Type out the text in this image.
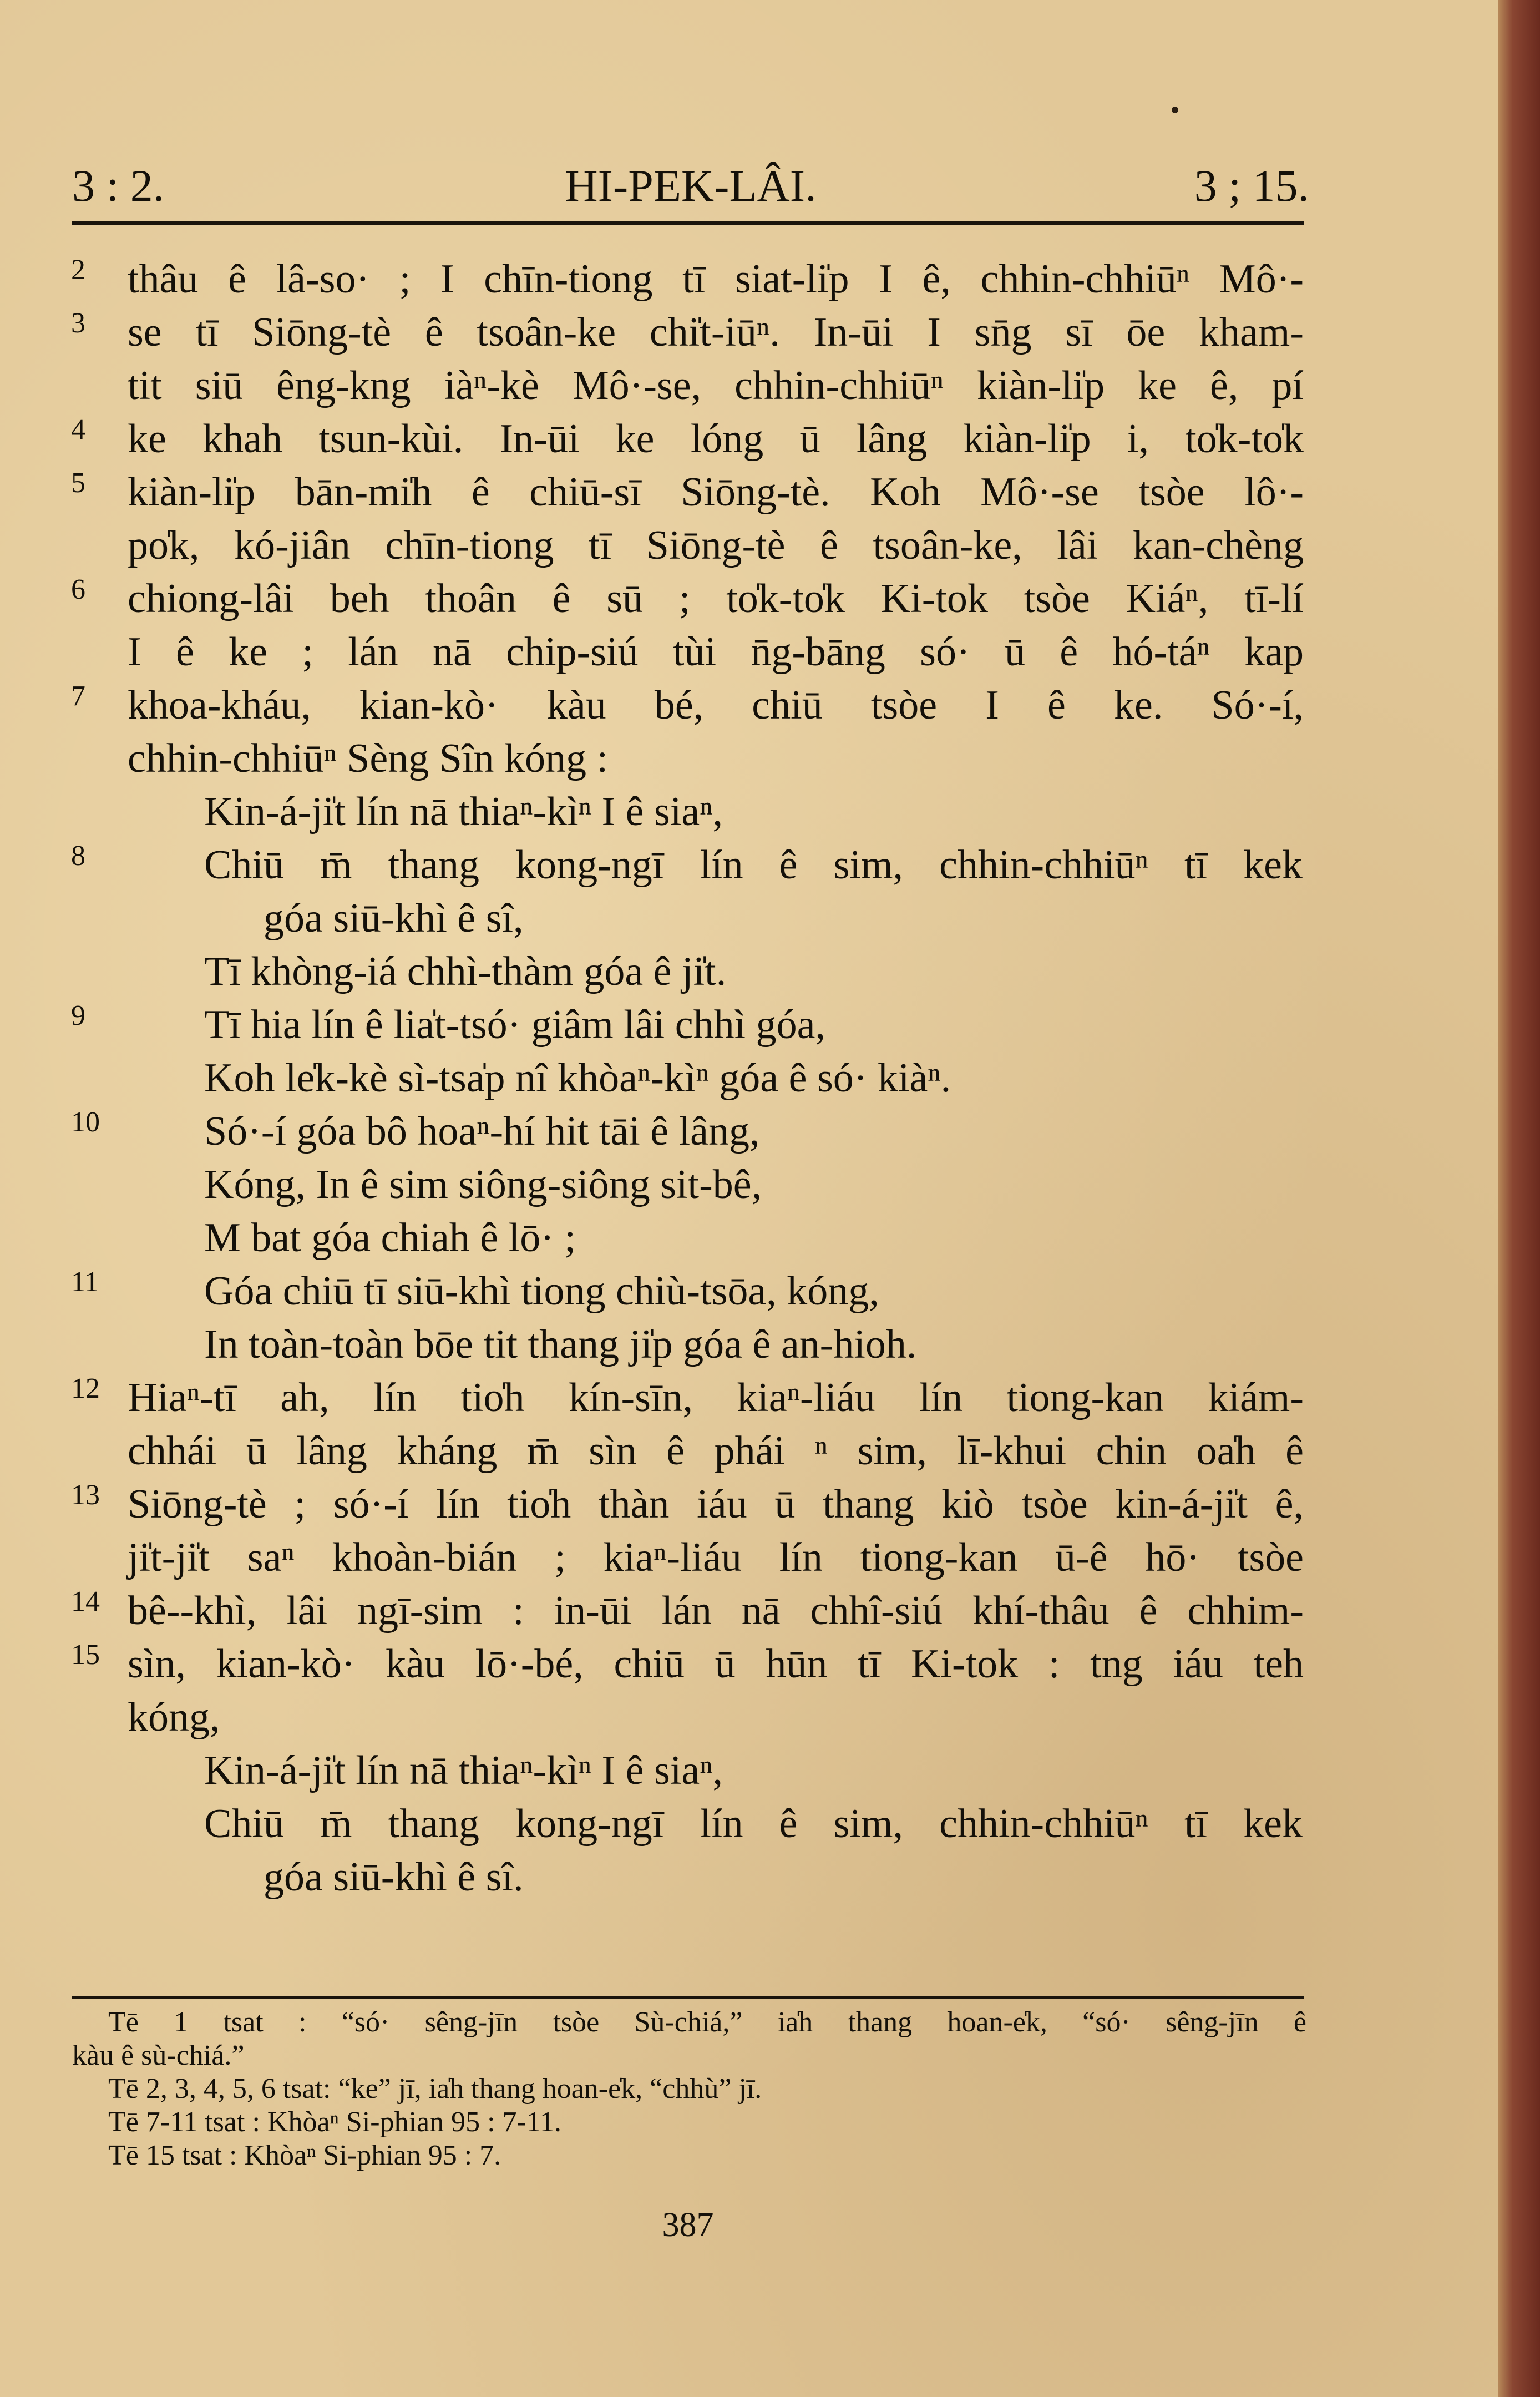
3 : 2.	HI-PEK-LÂI.	3 ; 15.
2 thâu ê lâ-so· ; I chīn-tiong tī siat-li̍p I ê, chhin-chhiūⁿ Mô·-
3 se tī Siōng-tè ê tsoân-ke chi̍t-iūⁿ. In-ūi I sn̄g sī ōe kham-
tit siū êng-kng iàⁿ-kè Mô·-se, chhin-chhiūⁿ kiàn-li̍p ke ê, pí
4 ke khah tsun-kùi. In-ūi ke lóng ū lâng kiàn-li̍p i, to̍k-to̍k
5 kiàn-li̍p bān-mi̍h ê chiū-sī Siōng-tè. Koh Mô·-se tsòe lô·-
po̍k, kó-jiân chīn-tiong tī Siōng-tè ê tsoân-ke, lâi kan-chèng
6 chiong-lâi beh thoân ê sū ; to̍k-to̍k Ki-tok tsòe Kiáⁿ, tī-lí
I ê ke ; lán nā chip-siú tùi n̄g-bāng só· ū ê hó-táⁿ kap
7 khoa-kháu, kian-kò· kàu bé, chiū tsòe I ê ke. Só·-í,
chhin-chhiūⁿ Sèng Sîn kóng :
Kin-á-ji̍t lín nā thiaⁿ-kìⁿ I ê siaⁿ,
8	Chiū m̄ thang kong-ngī lín ê sim, chhin-chhiūⁿ tī kek
góa siū-khì ê sî,
Tī khòng-iá chhì-thàm góa ê ji̍t.
9	Tī hia lín ê lia̍t-tsó· giâm lâi chhì góa,
Koh le̍k-kè sì-tsa̍p nî khòaⁿ-kìⁿ góa ê só· kiàⁿ.
10	Só·-í góa bô hoaⁿ-hí hit tāi ê lâng,
Kóng, In ê sim siông-siông sit-bê,
M bat góa chiah ê lō· ;
11	Góa chiū tī siū-khì tiong chiù-tsōa, kóng,
In toàn-toàn bōe tit thang ji̍p góa ê an-hioh.
12 Hiaⁿ-tī ah, lín tio̍h kín-sīn, kiaⁿ-liáu lín tiong-kan kiám-
chhái ū lâng kháng m̄ sìn ê phái ⁿ sim, lī-khui chin oa̍h ê
13 Siōng-tè ; só·-í lín tio̍h thàn iáu ū thang kiò tsòe kin-á-ji̍t ê,
ji̍t-ji̍t saⁿ khoàn-bián ; kiaⁿ-liáu lín tiong-kan ū-ê hō· tsòe
14 bê--khì, lâi ngī-sim : in-ūi lán nā chhî-siú khí-thâu ê chhim-
15 sìn, kian-kò· kàu lō·-bé, chiū ū hūn tī Ki-tok : tng iáu teh
kóng,
Kin-á-ji̍t lín nā thiaⁿ-kìⁿ I ê siaⁿ,
Chiū m̄ thang kong-ngī lín ê sim, chhin-chhiūⁿ tī kek
góa siū-khì ê sî.
Tē 1 tsat : “só· sêng-jīn tsòe Sù-chiá,” ia̍h thang hoan-e̍k, “só· sêng-jīn ê
kàu ê sù-chiá.”
Tē 2, 3, 4, 5, 6 tsat: “ke” jī, ia̍h thang hoan-e̍k, “chhù” jī.
Tē 7-11 tsat : Khòaⁿ Si-phian 95 : 7-11.
Tē 15 tsat : Khòaⁿ Si-phian 95 : 7.
387
